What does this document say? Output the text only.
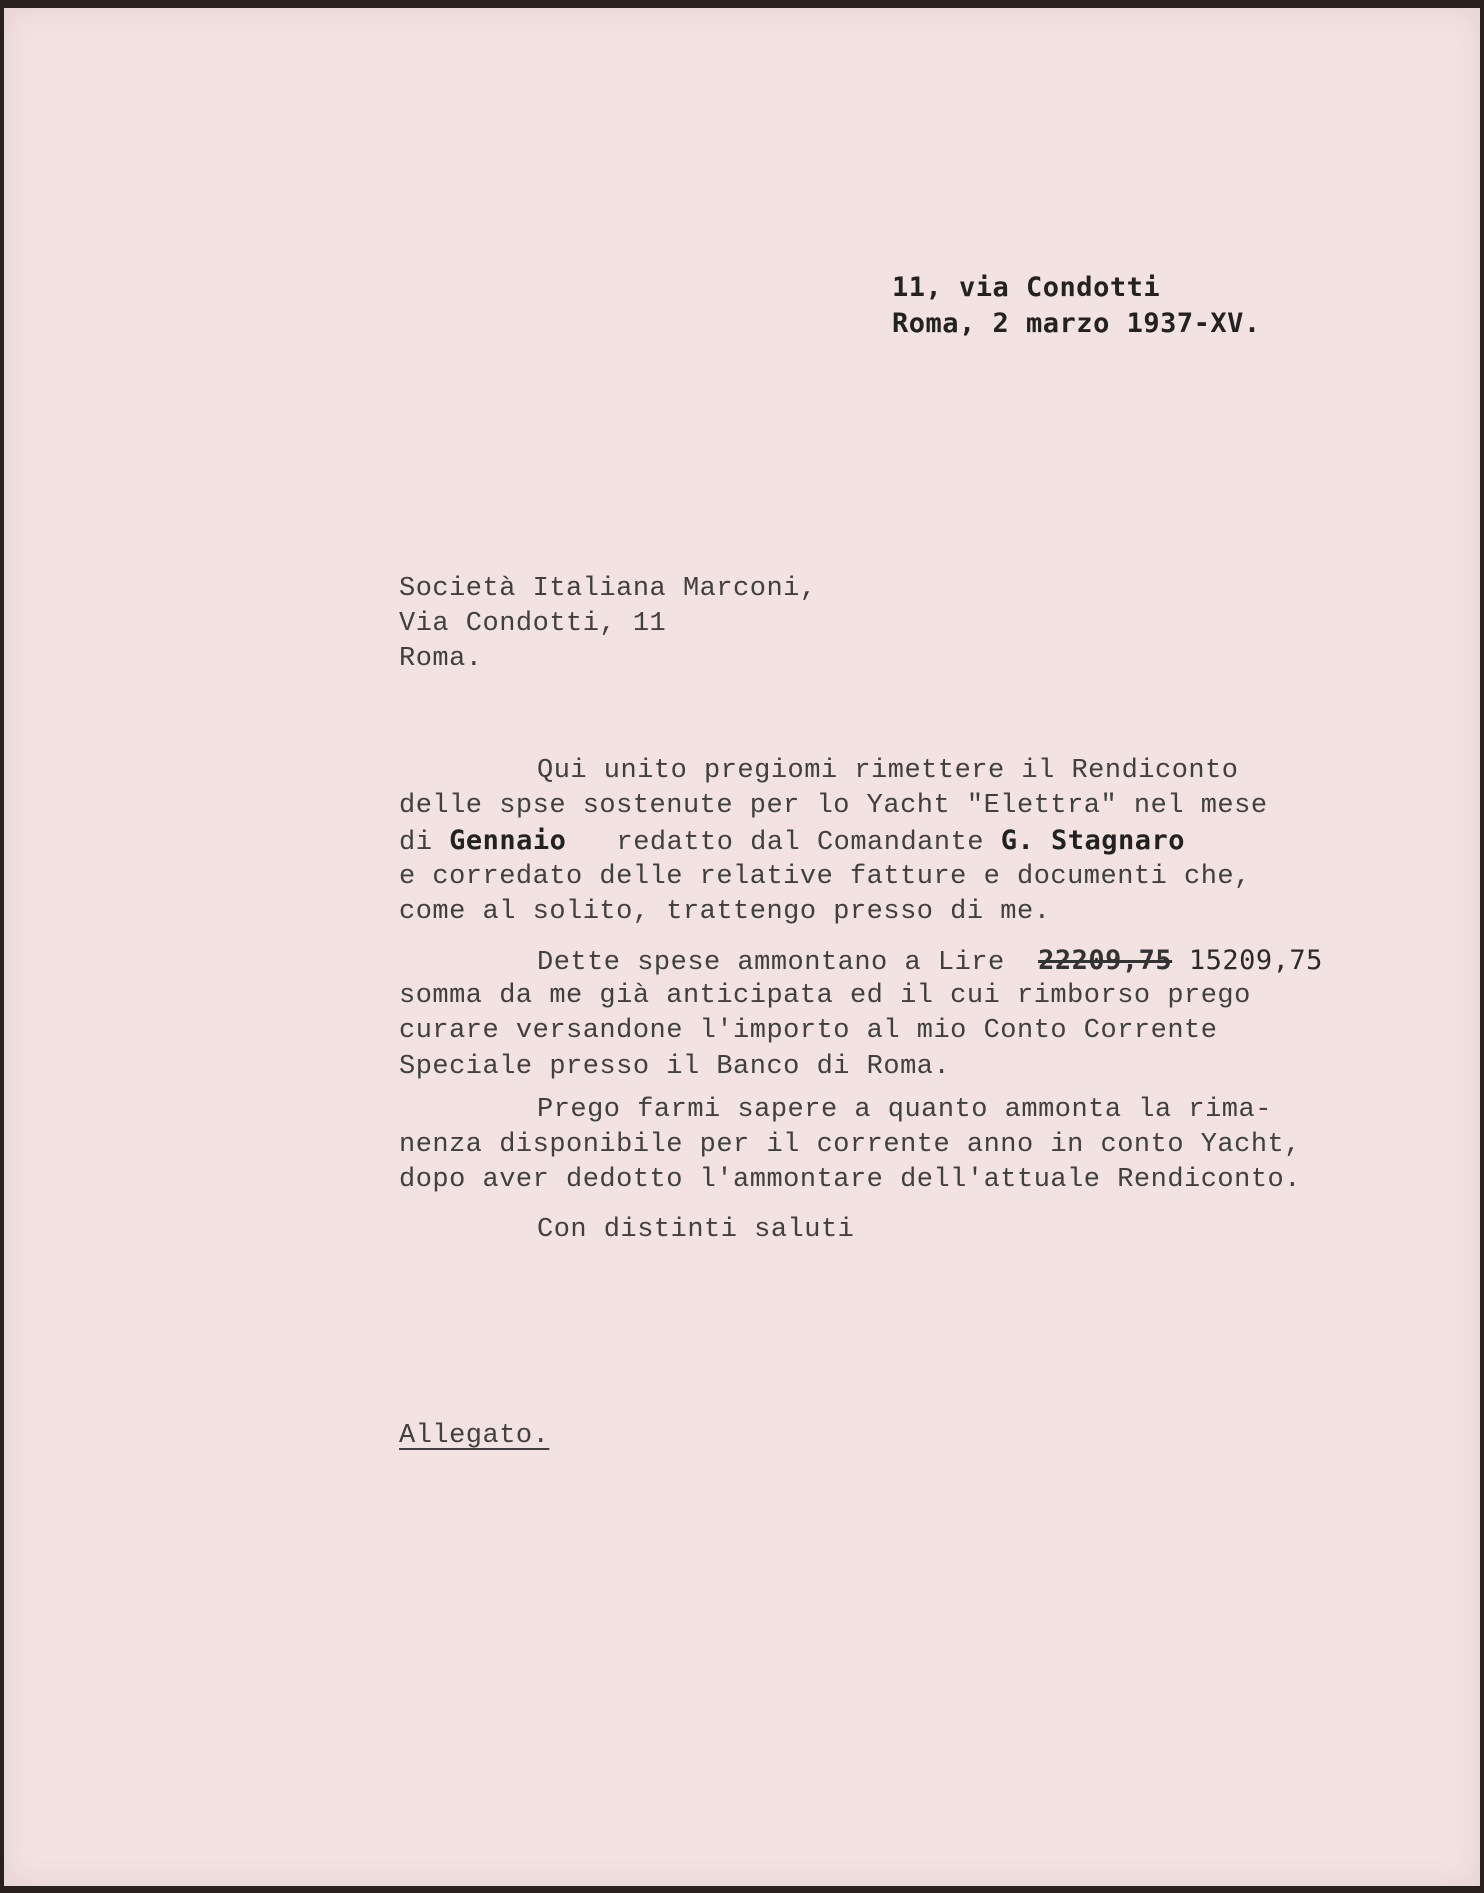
11, via Condotti
Roma, 2 marzo 1937-XV.
Società Italiana Marconi,
Via Condotti, 11
Roma.
Qui unito pregiomi rimettere il Rendiconto
delle spse sostenute per lo Yacht "Elettra" nel mese
di Gennaio   redatto dal Comandante G. Stagnaro
e corredato delle relative fatture e documenti che,
come al solito, trattengo presso di me.
Dette spese ammontano a Lire  22209,75 15209,75
somma da me già anticipata ed il cui rimborso prego
curare versandone l'importo al mio Conto Corrente
Speciale presso il Banco di Roma.
Prego farmi sapere a quanto ammonta la rima-
nenza disponibile per il corrente anno in conto Yacht,
dopo aver dedotto l'ammontare dell'attuale Rendiconto.
Con distinti saluti
Allegato.
